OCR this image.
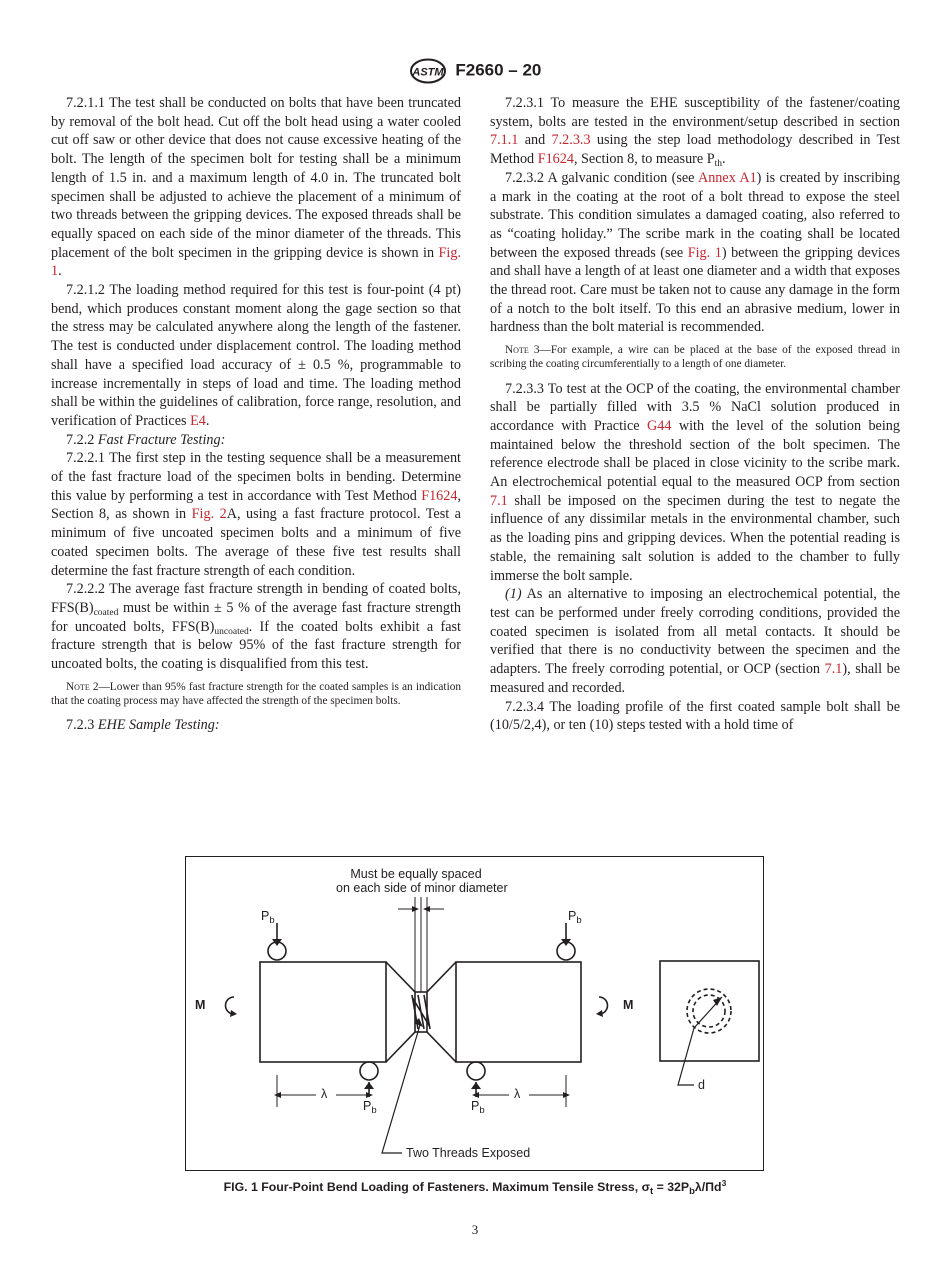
ASTM F2660 – 20

7.2.1.1 The test shall be conducted on bolts that have been truncated by removal of the bolt head. Cut off the bolt head using a water cooled cut off saw or other device that does not cause excessive heating of the bolt. The length of the specimen bolt for testing shall be a minimum length of 1.5 in. and a maximum length of 4.0 in. The truncated bolt specimen shall be adjusted to achieve the placement of a minimum of two threads between the gripping devices. The exposed threads shall be equally spaced on each side of the minor diameter of the threads. This placement of the bolt specimen in the gripping device is shown in Fig. 1.

7.2.1.2 The loading method required for this test is four-point (4 pt) bend, which produces constant moment along the gage section so that the stress may be calculated anywhere along the length of the fastener. The test is conducted under displacement control. The loading method shall have a specified load accuracy of ± 0.5 %, programmable to increase incrementally in steps of load and time. The loading method shall be within the guidelines of calibration, force range, resolution, and verification of Practices E4.

7.2.2 Fast Fracture Testing:

7.2.2.1 The first step in the testing sequence shall be a measurement of the fast fracture load of the specimen bolts in bending. Determine this value by performing a test in accordance with Test Method F1624, Section 8, as shown in Fig. 2A, using a fast fracture protocol. Test a minimum of five uncoated specimen bolts and a minimum of five coated specimen bolts. The average of these five test results shall determine the fast fracture strength of each condition.

7.2.2.2 The average fast fracture strength in bending of coated bolts, $FFS(B)_{coated}$ must be within ± 5 % of the average fast fracture strength for uncoated bolts, $FFS(B)_{uncoated}$. If the coated bolts exhibit a fast fracture strength that is below 95% of the fast fracture strength for uncoated bolts, the coating is disqualified from this test.

Note 2—Lower than 95% fast fracture strength for the coated samples is an indication that the coating process may have affected the strength of the specimen bolts.

7.2.3 EHE Sample Testing:

7.2.3.1 To measure the EHE susceptibility of the fastener/coating system, bolts are tested in the environment/setup described in section 7.1.1 and 7.2.3.3 using the step load methodology described in Test Method F1624, Section 8, to measure $P_{th}$.

7.2.3.2 A galvanic condition (see Annex A1) is created by inscribing a mark in the coating at the root of a bolt thread to expose the steel substrate. This condition simulates a damaged coating, also referred to as “coating holiday.” The scribe mark in the coating shall be located between the exposed threads (see Fig. 1) between the gripping devices and shall have a length of at least one diameter and a width that exposes the thread root. Care must be taken not to cause any damage in the form of a notch to the bolt itself. To this end an abrasive medium, lower in hardness than the bolt material is recommended.

Note 3—For example, a wire can be placed at the base of the exposed thread in scribing the coating circumferentially to a length of one diameter.

7.2.3.3 To test at the OCP of the coating, the environmental chamber shall be partially filled with 3.5 % NaCl solution produced in accordance with Practice G44 with the level of the solution being maintained below the threshold section of the bolt specimen. The reference electrode shall be placed in close vicinity to the scribe mark. An electrochemical potential equal to the measured OCP from section 7.1 shall be imposed on the specimen during the test to negate the influence of any dissimilar metals in the environmental chamber, such as the loading pins and gripping devices. When the potential reading is stable, the remaining salt solution is added to the chamber to fully immerse the bolt sample.

(1) As an alternative to imposing an electrochemical potential, the test can be performed under freely corroding conditions, provided the coated specimen is isolated from all metal contacts. It should be verified that there is no conductivity between the specimen and the adapters. The freely corroding potential, or OCP (section 7.1), shall be measured and recorded.

7.2.3.4 The loading profile of the first coated sample bolt shall be (10/5/2,4), or ten (10) steps tested with a hold time of

Must be equally spaced
on each side of minor diameter
$P_b$	$P_b$
$P_b$	$P_b$
M	M
λ	λ
d
Two Threads Exposed
FIG. 1 Four-Point Bend Loading of Fasteners. Maximum Tensile Stress, $\sigma_t = 32P_b\lambda/\Pi d^3$
3
